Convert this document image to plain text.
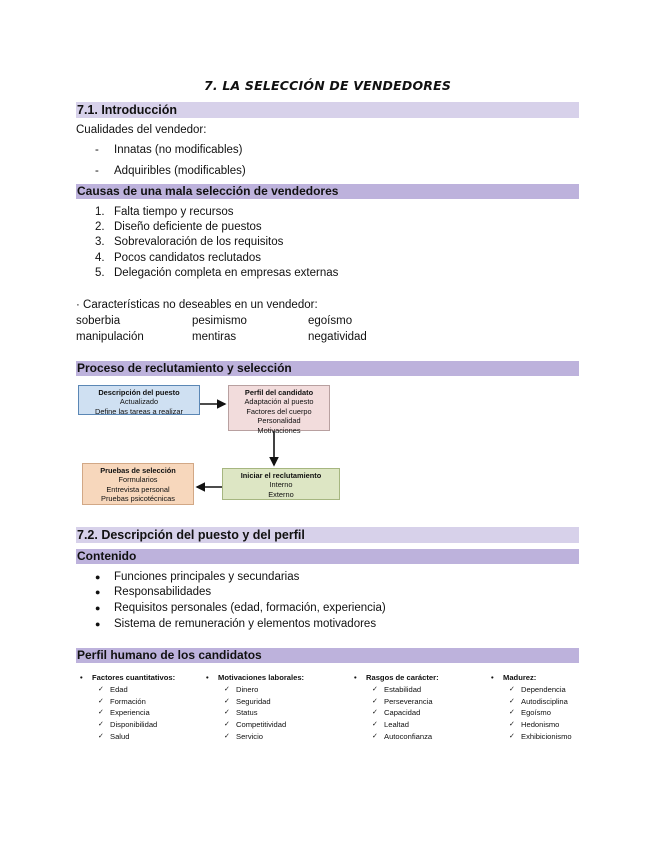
7. LA SELECCIÓN DE VENDEDORES
7.1. Introducción
Cualidades del vendedor:
- Innatas (no modificables)
- Adquiribles (modificables)
Causas de una mala selección de vendedores
1. Falta tiempo y recursos
2. Diseño deficiente de puestos
3. Sobrevaloración de los requisitos
4. Pocos candidatos reclutados
5. Delegación completa en empresas externas
· Características no deseables en un vendedor:
soberbia	pesimismo	egoísmo
manipulación	mentiras	negatividad
Proceso de reclutamiento y selección
Descripción del puesto
Actualizado
Define las tareas a realizar
Perfil del candidato
Adaptación al puesto
Factores del cuerpo
Personalidad
Motivaciones
Iniciar el reclutamiento
Interno
Externo
Pruebas de selección
Formularios
Entrevista personal
Pruebas psicotécnicas
7.2. Descripción del puesto y del perfil
Contenido
● Funciones principales y secundarias
● Responsabilidades
● Requisitos personales (edad, formación, experiencia)
● Sistema de remuneración y elementos motivadores
Perfil humano de los candidatos
• Factores cuantitativos:
✓ Edad
✓ Formación
✓ Experiencia
✓ Disponibilidad
✓ Salud
• Motivaciones laborales:
✓ Dinero
✓ Seguridad
✓ Status
✓ Competitividad
✓ Servicio
• Rasgos de carácter:
✓ Estabilidad
✓ Perseverancia
✓ Capacidad
✓ Lealtad
✓ Autoconfianza
• Madurez:
✓ Dependencia
✓ Autodisciplina
✓ Egoísmo
✓ Hedonismo
✓ Exhibicionismo
